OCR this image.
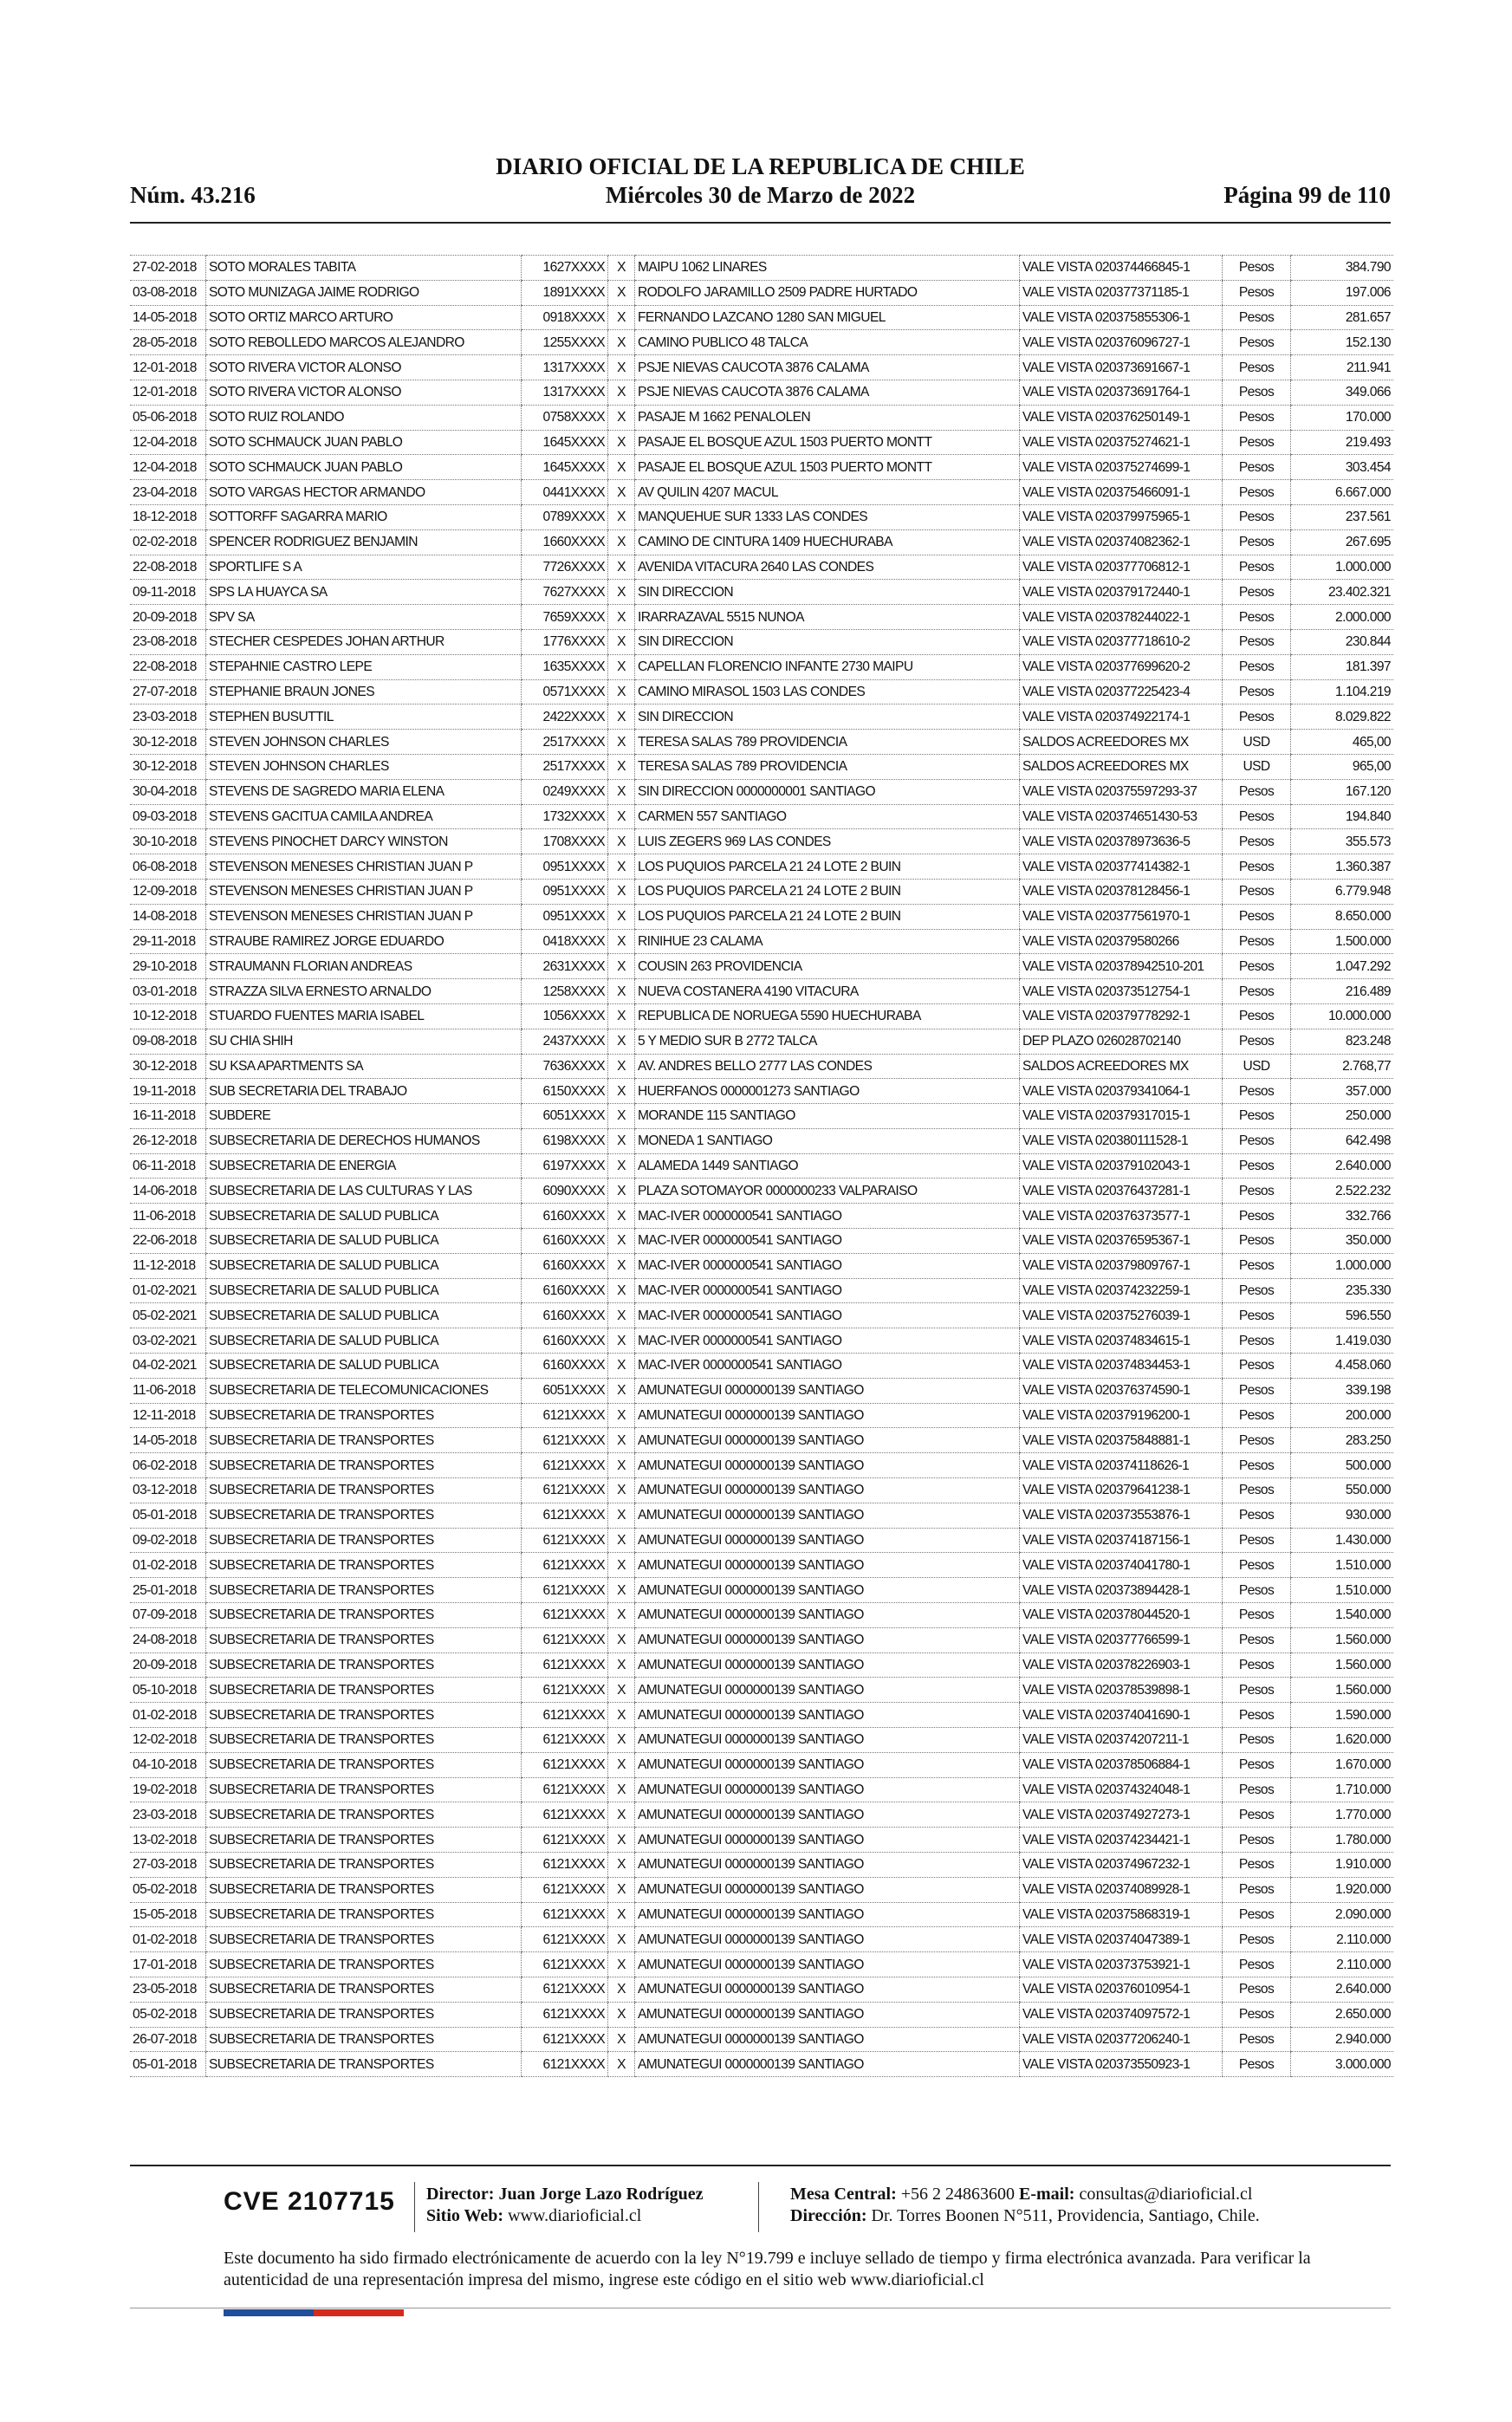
Núm. 43.216
DIARIO OFICIAL DE LA REPUBLICA DE CHILE
Miércoles 30 de Marzo de 2022	Página 99 de 110
27-02-2018	SOTO MORALES TABITA	1627XXXX	X	MAIPU 1062 LINARES	VALE VISTA 020374466845-1	Pesos	384.790
03-08-2018	SOTO MUNIZAGA JAIME RODRIGO	1891XXXX	X	RODOLFO JARAMILLO 2509 PADRE HURTADO	VALE VISTA 020377371185-1	Pesos	197.006
14-05-2018	SOTO ORTIZ MARCO ARTURO	0918XXXX	X	FERNANDO LAZCANO 1280 SAN MIGUEL	VALE VISTA 020375855306-1	Pesos	281.657
28-05-2018	SOTO REBOLLEDO MARCOS ALEJANDRO	1255XXXX	X	CAMINO PUBLICO 48 TALCA	VALE VISTA 020376096727-1	Pesos	152.130
12-01-2018	SOTO RIVERA VICTOR ALONSO	1317XXXX	X	PSJE NIEVAS CAUCOTA 3876 CALAMA	VALE VISTA 020373691667-1	Pesos	211.941
12-01-2018	SOTO RIVERA VICTOR ALONSO	1317XXXX	X	PSJE NIEVAS CAUCOTA 3876 CALAMA	VALE VISTA 020373691764-1	Pesos	349.066
05-06-2018	SOTO RUIZ ROLANDO	0758XXXX	X	PASAJE M 1662 PENALOLEN	VALE VISTA 020376250149-1	Pesos	170.000
12-04-2018	SOTO SCHMAUCK JUAN PABLO	1645XXXX	X	PASAJE EL BOSQUE AZUL 1503 PUERTO MONTT	VALE VISTA 020375274621-1	Pesos	219.493
12-04-2018	SOTO SCHMAUCK JUAN PABLO	1645XXXX	X	PASAJE EL BOSQUE AZUL 1503 PUERTO MONTT	VALE VISTA 020375274699-1	Pesos	303.454
23-04-2018	SOTO VARGAS HECTOR ARMANDO	0441XXXX	X	AV QUILIN 4207 MACUL	VALE VISTA 020375466091-1	Pesos	6.667.000
18-12-2018	SOTTORFF SAGARRA MARIO	0789XXXX	X	MANQUEHUE SUR 1333 LAS CONDES	VALE VISTA 020379975965-1	Pesos	237.561
02-02-2018	SPENCER RODRIGUEZ BENJAMIN	1660XXXX	X	CAMINO DE CINTURA 1409 HUECHURABA	VALE VISTA 020374082362-1	Pesos	267.695
22-08-2018	SPORTLIFE S A	7726XXXX	X	AVENIDA VITACURA 2640 LAS CONDES	VALE VISTA 020377706812-1	Pesos	1.000.000
09-11-2018	SPS LA HUAYCA SA	7627XXXX	X	SIN DIRECCION	VALE VISTA 020379172440-1	Pesos	23.402.321
20-09-2018	SPV SA	7659XXXX	X	IRARRAZAVAL 5515 NUNOA	VALE VISTA 020378244022-1	Pesos	2.000.000
23-08-2018	STECHER CESPEDES JOHAN ARTHUR	1776XXXX	X	SIN DIRECCION	VALE VISTA 020377718610-2	Pesos	230.844
22-08-2018	STEPAHNIE CASTRO LEPE	1635XXXX	X	CAPELLAN FLORENCIO INFANTE 2730 MAIPU	VALE VISTA 020377699620-2	Pesos	181.397
27-07-2018	STEPHANIE BRAUN JONES	0571XXXX	X	CAMINO MIRASOL 1503 LAS CONDES	VALE VISTA 020377225423-4	Pesos	1.104.219
23-03-2018	STEPHEN BUSUTTIL	2422XXXX	X	SIN DIRECCION	VALE VISTA 020374922174-1	Pesos	8.029.822
30-12-2018	STEVEN JOHNSON CHARLES	2517XXXX	X	TERESA SALAS 789 PROVIDENCIA	SALDOS ACREEDORES MX	USD	465,00
30-12-2018	STEVEN JOHNSON CHARLES	2517XXXX	X	TERESA SALAS 789 PROVIDENCIA	SALDOS ACREEDORES MX	USD	965,00
30-04-2018	STEVENS DE SAGREDO MARIA ELENA	0249XXXX	X	SIN DIRECCION 0000000001 SANTIAGO	VALE VISTA 020375597293-37	Pesos	167.120
09-03-2018	STEVENS GACITUA CAMILA ANDREA	1732XXXX	X	CARMEN 557 SANTIAGO	VALE VISTA 020374651430-53	Pesos	194.840
30-10-2018	STEVENS PINOCHET DARCY WINSTON	1708XXXX	X	LUIS ZEGERS 969 LAS CONDES	VALE VISTA 020378973636-5	Pesos	355.573
06-08-2018	STEVENSON MENESES CHRISTIAN JUAN P	0951XXXX	X	LOS PUQUIOS PARCELA 21 24 LOTE 2 BUIN	VALE VISTA 020377414382-1	Pesos	1.360.387
12-09-2018	STEVENSON MENESES CHRISTIAN JUAN P	0951XXXX	X	LOS PUQUIOS PARCELA 21 24 LOTE 2 BUIN	VALE VISTA 020378128456-1	Pesos	6.779.948
14-08-2018	STEVENSON MENESES CHRISTIAN JUAN P	0951XXXX	X	LOS PUQUIOS PARCELA 21 24 LOTE 2 BUIN	VALE VISTA 020377561970-1	Pesos	8.650.000
29-11-2018	STRAUBE RAMIREZ JORGE EDUARDO	0418XXXX	X	RINIHUE 23 CALAMA	VALE VISTA 020379580266	Pesos	1.500.000
29-10-2018	STRAUMANN FLORIAN ANDREAS	2631XXXX	X	COUSIN 263 PROVIDENCIA	VALE VISTA 020378942510-201	Pesos	1.047.292
03-01-2018	STRAZZA SILVA ERNESTO ARNALDO	1258XXXX	X	NUEVA COSTANERA 4190 VITACURA	VALE VISTA 020373512754-1	Pesos	216.489
10-12-2018	STUARDO FUENTES MARIA ISABEL	1056XXXX	X	REPUBLICA DE NORUEGA 5590 HUECHURABA	VALE VISTA 020379778292-1	Pesos	10.000.000
09-08-2018	SU CHIA SHIH	2437XXXX	X	5 Y MEDIO SUR B 2772 TALCA	DEP PLAZO 026028702140	Pesos	823.248
30-12-2018	SU KSA APARTMENTS SA	7636XXXX	X	AV. ANDRES BELLO 2777 LAS CONDES	SALDOS ACREEDORES MX	USD	2.768,77
19-11-2018	SUB SECRETARIA DEL TRABAJO	6150XXXX	X	HUERFANOS 0000001273 SANTIAGO	VALE VISTA 020379341064-1	Pesos	357.000
16-11-2018	SUBDERE	6051XXXX	X	MORANDE 115 SANTIAGO	VALE VISTA 020379317015-1	Pesos	250.000
26-12-2018	SUBSECRETARIA DE DERECHOS HUMANOS	6198XXXX	X	MONEDA 1 SANTIAGO	VALE VISTA 020380111528-1	Pesos	642.498
06-11-2018	SUBSECRETARIA DE ENERGIA	6197XXXX	X	ALAMEDA 1449 SANTIAGO	VALE VISTA 020379102043-1	Pesos	2.640.000
14-06-2018	SUBSECRETARIA DE LAS CULTURAS Y LAS	6090XXXX	X	PLAZA SOTOMAYOR 0000000233 VALPARAISO	VALE VISTA 020376437281-1	Pesos	2.522.232
11-06-2018	SUBSECRETARIA DE SALUD PUBLICA	6160XXXX	X	MAC-IVER 0000000541 SANTIAGO	VALE VISTA 020376373577-1	Pesos	332.766
22-06-2018	SUBSECRETARIA DE SALUD PUBLICA	6160XXXX	X	MAC-IVER 0000000541 SANTIAGO	VALE VISTA 020376595367-1	Pesos	350.000
11-12-2018	SUBSECRETARIA DE SALUD PUBLICA	6160XXXX	X	MAC-IVER 0000000541 SANTIAGO	VALE VISTA 020379809767-1	Pesos	1.000.000
01-02-2021	SUBSECRETARIA DE SALUD PUBLICA	6160XXXX	X	MAC-IVER 0000000541 SANTIAGO	VALE VISTA 020374232259-1	Pesos	235.330
05-02-2021	SUBSECRETARIA DE SALUD PUBLICA	6160XXXX	X	MAC-IVER 0000000541 SANTIAGO	VALE VISTA 020375276039-1	Pesos	596.550
03-02-2021	SUBSECRETARIA DE SALUD PUBLICA	6160XXXX	X	MAC-IVER 0000000541 SANTIAGO	VALE VISTA 020374834615-1	Pesos	1.419.030
04-02-2021	SUBSECRETARIA DE SALUD PUBLICA	6160XXXX	X	MAC-IVER 0000000541 SANTIAGO	VALE VISTA 020374834453-1	Pesos	4.458.060
11-06-2018	SUBSECRETARIA DE TELECOMUNICACIONES	6051XXXX	X	AMUNATEGUI 0000000139 SANTIAGO	VALE VISTA 020376374590-1	Pesos	339.198
12-11-2018	SUBSECRETARIA DE TRANSPORTES	6121XXXX	X	AMUNATEGUI 0000000139 SANTIAGO	VALE VISTA 020379196200-1	Pesos	200.000
14-05-2018	SUBSECRETARIA DE TRANSPORTES	6121XXXX	X	AMUNATEGUI 0000000139 SANTIAGO	VALE VISTA 020375848881-1	Pesos	283.250
06-02-2018	SUBSECRETARIA DE TRANSPORTES	6121XXXX	X	AMUNATEGUI 0000000139 SANTIAGO	VALE VISTA 020374118626-1	Pesos	500.000
03-12-2018	SUBSECRETARIA DE TRANSPORTES	6121XXXX	X	AMUNATEGUI 0000000139 SANTIAGO	VALE VISTA 020379641238-1	Pesos	550.000
05-01-2018	SUBSECRETARIA DE TRANSPORTES	6121XXXX	X	AMUNATEGUI 0000000139 SANTIAGO	VALE VISTA 020373553876-1	Pesos	930.000
09-02-2018	SUBSECRETARIA DE TRANSPORTES	6121XXXX	X	AMUNATEGUI 0000000139 SANTIAGO	VALE VISTA 020374187156-1	Pesos	1.430.000
01-02-2018	SUBSECRETARIA DE TRANSPORTES	6121XXXX	X	AMUNATEGUI 0000000139 SANTIAGO	VALE VISTA 020374041780-1	Pesos	1.510.000
25-01-2018	SUBSECRETARIA DE TRANSPORTES	6121XXXX	X	AMUNATEGUI 0000000139 SANTIAGO	VALE VISTA 020373894428-1	Pesos	1.510.000
07-09-2018	SUBSECRETARIA DE TRANSPORTES	6121XXXX	X	AMUNATEGUI 0000000139 SANTIAGO	VALE VISTA 020378044520-1	Pesos	1.540.000
24-08-2018	SUBSECRETARIA DE TRANSPORTES	6121XXXX	X	AMUNATEGUI 0000000139 SANTIAGO	VALE VISTA 020377766599-1	Pesos	1.560.000
20-09-2018	SUBSECRETARIA DE TRANSPORTES	6121XXXX	X	AMUNATEGUI 0000000139 SANTIAGO	VALE VISTA 020378226903-1	Pesos	1.560.000
05-10-2018	SUBSECRETARIA DE TRANSPORTES	6121XXXX	X	AMUNATEGUI 0000000139 SANTIAGO	VALE VISTA 020378539898-1	Pesos	1.560.000
01-02-2018	SUBSECRETARIA DE TRANSPORTES	6121XXXX	X	AMUNATEGUI 0000000139 SANTIAGO	VALE VISTA 020374041690-1	Pesos	1.590.000
12-02-2018	SUBSECRETARIA DE TRANSPORTES	6121XXXX	X	AMUNATEGUI 0000000139 SANTIAGO	VALE VISTA 020374207211-1	Pesos	1.620.000
04-10-2018	SUBSECRETARIA DE TRANSPORTES	6121XXXX	X	AMUNATEGUI 0000000139 SANTIAGO	VALE VISTA 020378506884-1	Pesos	1.670.000
19-02-2018	SUBSECRETARIA DE TRANSPORTES	6121XXXX	X	AMUNATEGUI 0000000139 SANTIAGO	VALE VISTA 020374324048-1	Pesos	1.710.000
23-03-2018	SUBSECRETARIA DE TRANSPORTES	6121XXXX	X	AMUNATEGUI 0000000139 SANTIAGO	VALE VISTA 020374927273-1	Pesos	1.770.000
13-02-2018	SUBSECRETARIA DE TRANSPORTES	6121XXXX	X	AMUNATEGUI 0000000139 SANTIAGO	VALE VISTA 020374234421-1	Pesos	1.780.000
27-03-2018	SUBSECRETARIA DE TRANSPORTES	6121XXXX	X	AMUNATEGUI 0000000139 SANTIAGO	VALE VISTA 020374967232-1	Pesos	1.910.000
05-02-2018	SUBSECRETARIA DE TRANSPORTES	6121XXXX	X	AMUNATEGUI 0000000139 SANTIAGO	VALE VISTA 020374089928-1	Pesos	1.920.000
15-05-2018	SUBSECRETARIA DE TRANSPORTES	6121XXXX	X	AMUNATEGUI 0000000139 SANTIAGO	VALE VISTA 020375868319-1	Pesos	2.090.000
01-02-2018	SUBSECRETARIA DE TRANSPORTES	6121XXXX	X	AMUNATEGUI 0000000139 SANTIAGO	VALE VISTA 020374047389-1	Pesos	2.110.000
17-01-2018	SUBSECRETARIA DE TRANSPORTES	6121XXXX	X	AMUNATEGUI 0000000139 SANTIAGO	VALE VISTA 020373753921-1	Pesos	2.110.000
23-05-2018	SUBSECRETARIA DE TRANSPORTES	6121XXXX	X	AMUNATEGUI 0000000139 SANTIAGO	VALE VISTA 020376010954-1	Pesos	2.640.000
05-02-2018	SUBSECRETARIA DE TRANSPORTES	6121XXXX	X	AMUNATEGUI 0000000139 SANTIAGO	VALE VISTA 020374097572-1	Pesos	2.650.000
26-07-2018	SUBSECRETARIA DE TRANSPORTES	6121XXXX	X	AMUNATEGUI 0000000139 SANTIAGO	VALE VISTA 020377206240-1	Pesos	2.940.000
05-01-2018	SUBSECRETARIA DE TRANSPORTES	6121XXXX	X	AMUNATEGUI 0000000139 SANTIAGO	VALE VISTA 020373550923-1	Pesos	3.000.000
CVE 2107715 Director: Juan Jorge Lazo Rodríguez
Sitio Web: www.diarioficial.cl
Mesa Central: +56 2 24863600 E-mail: consultas@diarioficial.cl
Dirección: Dr. Torres Boonen N°511, Providencia, Santiago, Chile.
Este documento ha sido firmado electrónicamente de acuerdo con la ley N°19.799 e incluye sellado de tiempo y firma electrónica avanzada. Para verificar la autenticidad de una representación impresa del mismo, ingrese este código en el sitio web www.diarioficial.cl
